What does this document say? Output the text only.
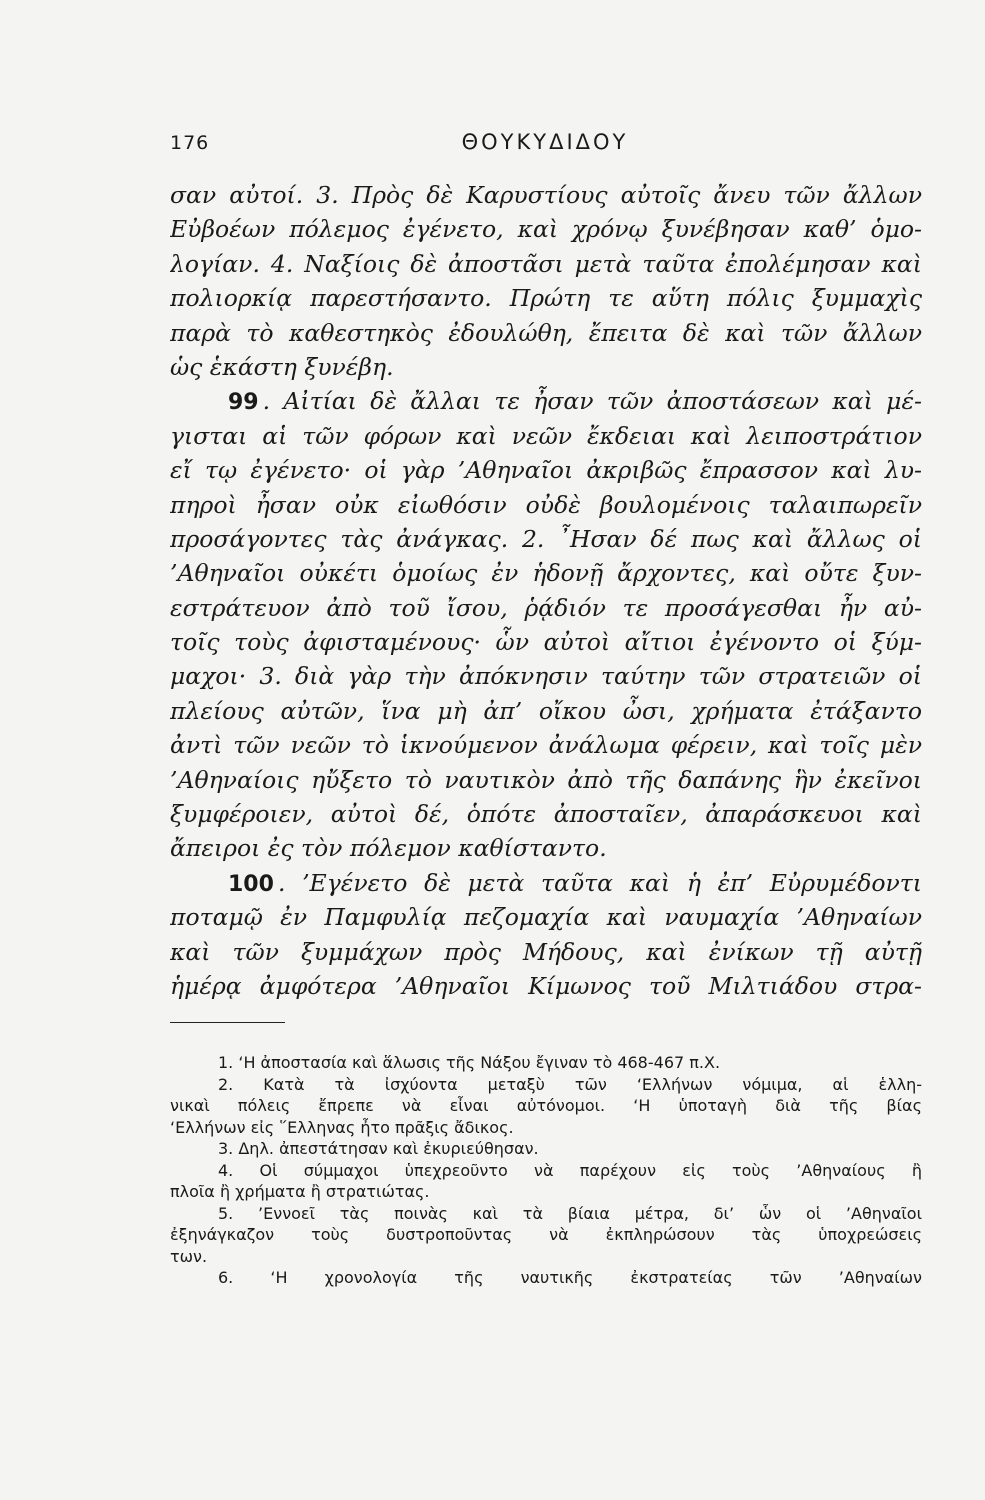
176	ΘΟΥΚΥΔΙΔΟΥ
σαν αὐτοί. 3. Πρὸς δὲ Καρυστίους αὐτοῖς ἄνευ τῶν ἄλλων
Εὐβοέων πόλεμος ἐγένετο, καὶ χρόνῳ ξυνέβησαν καθ’ ὁμο-
λογίαν. 4. Ναξίοις δὲ ἀποστᾶσι μετὰ ταῦτα ἐπολέμησαν καὶ
πολιορκίᾳ παρεστήσαντο. Πρώτη τε αὕτη πόλις ξυμμαχὶς
παρὰ τὸ καθεστηκὸς ἐδουλώθη, ἔπειτα δὲ καὶ τῶν ἄλλων
ὡς ἑκάστη ξυνέβη.
99 . Αἰτίαι δὲ ἄλλαι τε ἦσαν τῶν ἀποστάσεων καὶ μέ-
γισται αἱ τῶν φόρων καὶ νεῶν ἔκδειαι καὶ λειποστράτιον
εἴ τῳ ἐγένετο· οἱ γὰρ ’Αθηναῖοι ἀκριβῶς ἔπρασσον καὶ λυ-
πηροὶ ἦσαν οὐκ εἰωθόσιν οὐδὲ βουλομένοις ταλαιπωρεῖν
προσάγοντες τὰς ἀνάγκας. 2. ῏Ησαν δέ πως καὶ ἄλλως οἱ
’Αθηναῖοι οὐκέτι ὁμοίως ἐν ἡδονῇ ἄρχοντες, καὶ οὔτε ξυν-
εστράτευον ἀπὸ τοῦ ἴσου, ῥᾴδιόν τε προσάγεσθαι ἦν αὐ-
τοῖς τοὺς ἀφισταμένους· ὧν αὐτοὶ αἴτιοι ἐγένοντο οἱ ξύμ-
μαχοι· 3. διὰ γὰρ τὴν ἀπόκνησιν ταύτην τῶν στρατειῶν οἱ
πλείους αὐτῶν, ἵνα μὴ ἀπ’ οἴκου ὦσι, χρήματα ἐτάξαντο
ἀντὶ τῶν νεῶν τὸ ἱκνούμενον ἀνάλωμα φέρειν, καὶ τοῖς μὲν
’Αθηναίοις ηὔξετο τὸ ναυτικὸν ἀπὸ τῆς δαπάνης ἣν ἐκεῖνοι
ξυμφέροιεν, αὐτοὶ δέ, ὁπότε ἀποσταῖεν, ἀπαράσκευοι καὶ
ἄπειροι ἐς τὸν πόλεμον καθίσταντο.
100 . ’Εγένετο δὲ μετὰ ταῦτα καὶ ἡ ἐπ’ Εὐρυμέδοντι
ποταμῷ ἐν Παμφυλίᾳ πεζομαχία καὶ ναυμαχία ’Αθηναίων
καὶ τῶν ξυμμάχων πρὸς Μήδους, καὶ ἐνίκων τῇ αὐτῇ
ἡμέρᾳ ἀμφότερα ’Αθηναῖοι Κίμωνος τοῦ Μιλτιάδου στρα-
1. ‘Η ἀποστασία καὶ ἅλωσις τῆς Νάξου ἔγιναν τὸ 468-467 π.Χ.
2. Κατὰ τὰ ἰσχύοντα μεταξὺ τῶν ‘Ελλήνων νόμιμα, αἱ ἑλλη-
νικαὶ πόλεις ἔπρεπε νὰ εἶναι αὐτόνομοι. ‘Η ὑποταγὴ διὰ τῆς βίας
‘Ελλήνων εἰς ῞Ελληνας ἦτο πρᾶξις ἄδικος.
3. Δηλ. ἀπεστάτησαν καὶ ἐκυριεύθησαν.
4. Οἱ σύμμαχοι ὑπεχρεοῦντο νὰ παρέχουν εἰς τοὺς ’Αθηναίους ἢ
πλοῖα ἢ χρήματα ἢ στρατιώτας.
5. ’Εννοεῖ τὰς ποινὰς καὶ τὰ βίαια μέτρα, δι’ ὧν οἱ ’Αθηναῖοι
ἐξηνάγκαζον τοὺς δυστροποῦντας νὰ ἐκπληρώσουν τὰς ὑποχρεώσεις
των.
6. ‘Η χρονολογία τῆς ναυτικῆς ἐκστρατείας τῶν ’Αθηναίων
